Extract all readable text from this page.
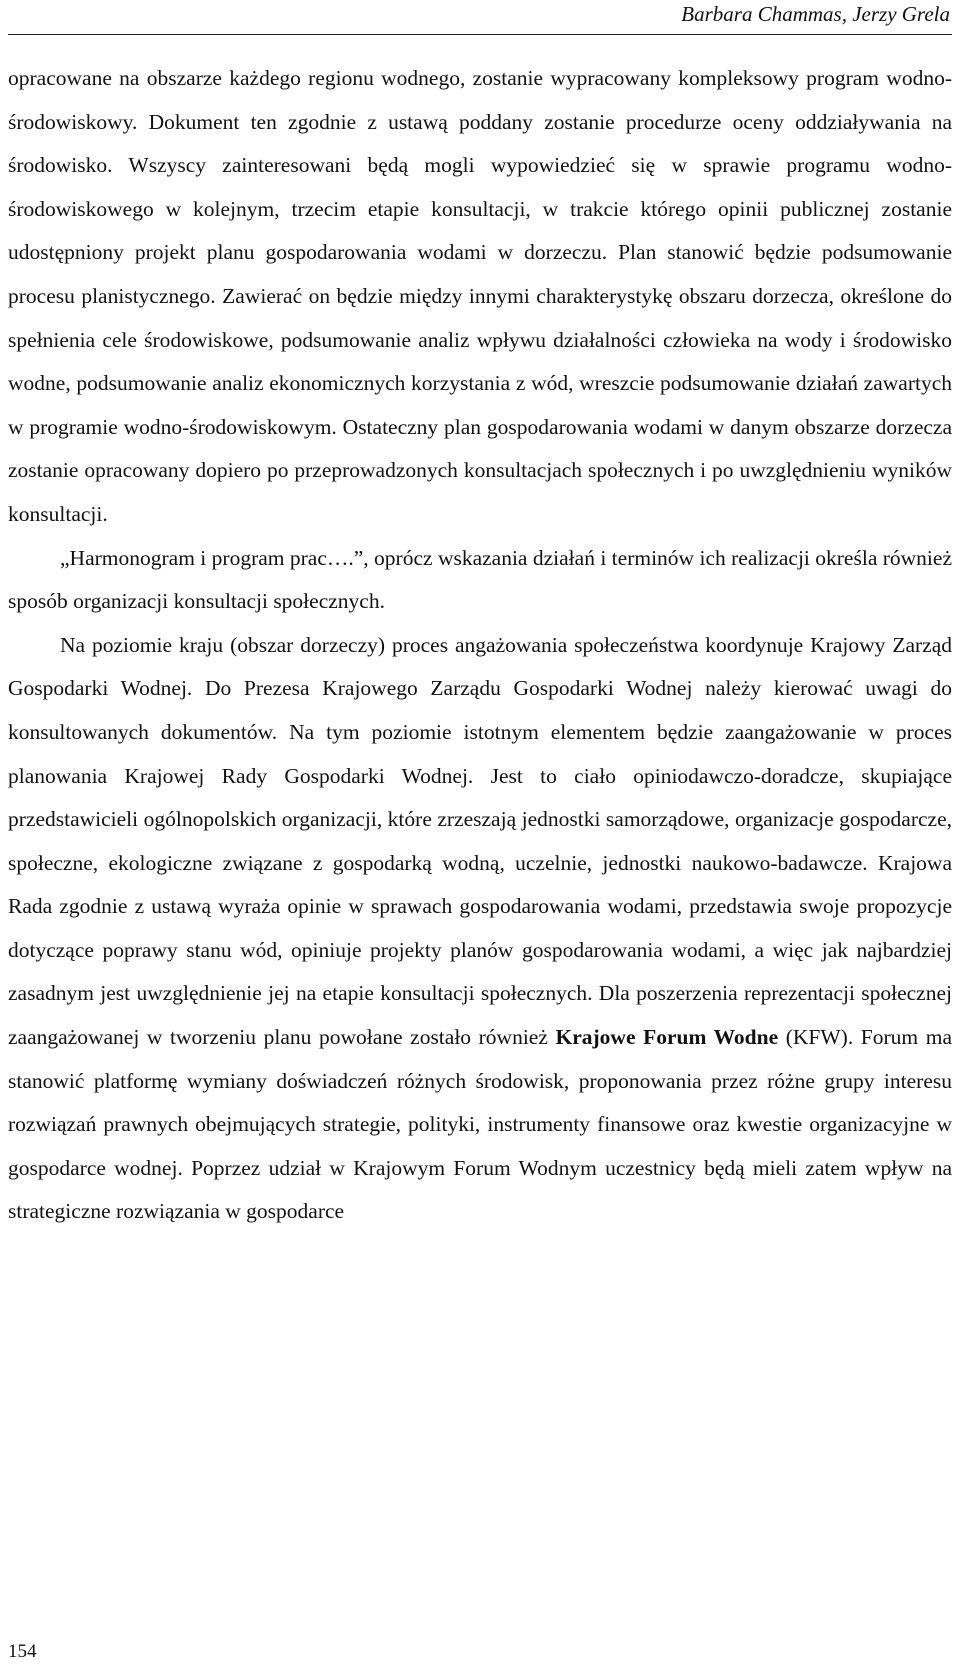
Barbara Chammas, Jerzy Grela

opracowane na obszarze każdego regionu wodnego, zostanie wypracowany kompleksowy program wodno-środowiskowy. Dokument ten zgodnie z ustawą poddany zostanie procedurze oceny oddziaływania na środowisko. Wszyscy zainteresowani będą mogli wypowiedzieć się w sprawie programu wodno-środowiskowego w kolejnym, trzecim etapie konsultacji, w trakcie którego opinii publicznej zostanie udostępniony projekt planu gospodarowania wodami w dorzeczu. Plan stanowić będzie podsumowanie procesu planistycznego. Zawierać on będzie między innymi charakterystykę obszaru dorzecza, określone do spełnienia cele środowiskowe, podsumowanie analiz wpływu działalności człowieka na wody i środowisko wodne, podsumowanie analiz ekonomicznych korzystania z wód, wreszcie podsumowanie działań zawartych w programie wodno-środowiskowym. Ostateczny plan gospodarowania wodami w danym obszarze dorzecza zostanie opracowany dopiero po przeprowadzonych konsultacjach społecznych i po uwzględnieniu wyników konsultacji.

„Harmonogram i program prac….”, oprócz wskazania działań i terminów ich realizacji określa również sposób organizacji konsultacji społecznych.

Na poziomie kraju (obszar dorzeczy) proces angażowania społeczeństwa koordynuje Krajowy Zarząd Gospodarki Wodnej. Do Prezesa Krajowego Zarządu Gospodarki Wodnej należy kierować uwagi do konsultowanych dokumentów. Na tym poziomie istotnym elementem będzie zaangażowanie w proces planowania Krajowej Rady Gospodarki Wodnej. Jest to ciało opiniodawczo-doradcze, skupiające przedstawicieli ogólnopolskich organizacji, które zrzeszają jednostki samorządowe, organizacje gospodarcze, społeczne, ekologiczne związane z gospodarką wodną, uczelnie, jednostki naukowo-badawcze. Krajowa Rada zgodnie z ustawą wyraża opinie w sprawach gospodarowania wodami, przedstawia swoje propozycje dotyczące poprawy stanu wód, opiniuje projekty planów gospodarowania wodami, a więc jak najbardziej zasadnym jest uwzględnienie jej na etapie konsultacji społecznych. Dla poszerzenia reprezentacji społecznej zaangażowanej w tworzeniu planu powołane zostało również Krajowe Forum Wodne (KFW). Forum ma stanowić platformę wymiany doświadczeń różnych środowisk, proponowania przez różne grupy interesu rozwiązań prawnych obejmujących strategie, polityki, instrumenty finansowe oraz kwestie organizacyjne w gospodarce wodnej. Poprzez udział w Krajowym Forum Wodnym uczestnicy będą mieli zatem wpływ na strategiczne rozwiązania w gospodarce

154
